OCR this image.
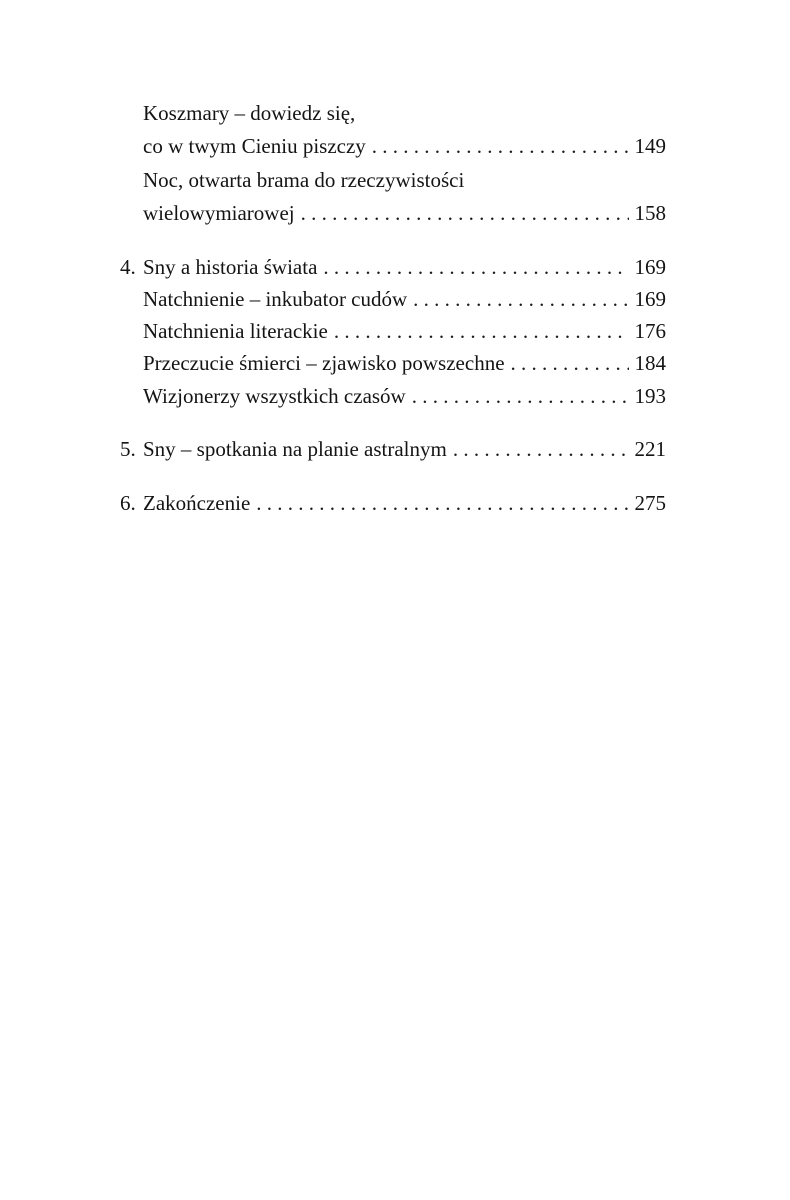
Koszmary – dowiedz się,
co w twym Cieniu piszczy . . .	149
Noc, otwarta brama do rzeczywistości
wielowymiarowej . . .	158
4. Sny a historia świata . . .	169
Natchnienie – inkubator cudów . . .	169
Natchnienia literackie . . .	176
Przeczucie śmierci – zjawisko powszechne . . .	184
Wizjonerzy wszystkich czasów . . .	193
5. Sny – spotkania na planie astralnym . . .	221
6. Zakończenie . . .	275
